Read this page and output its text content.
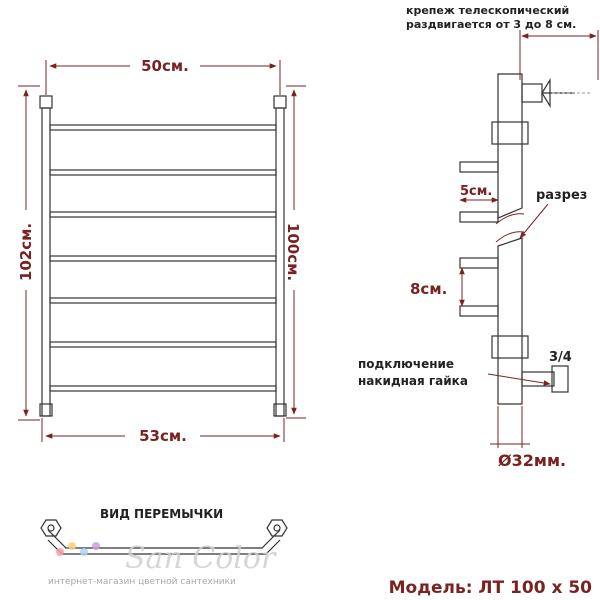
50см.
53см.
102см.	100см.
крепеж телескопический
раздвигается от 3 до 8 см.
5см.	разрез
8см.
3/4
подключение
накидная гайка
Ø32мм.
ВИД ПЕРЕМЫЧКИ
San Color
интернет-магазин цветной сантехники	Модель: ЛТ 100 х 50
